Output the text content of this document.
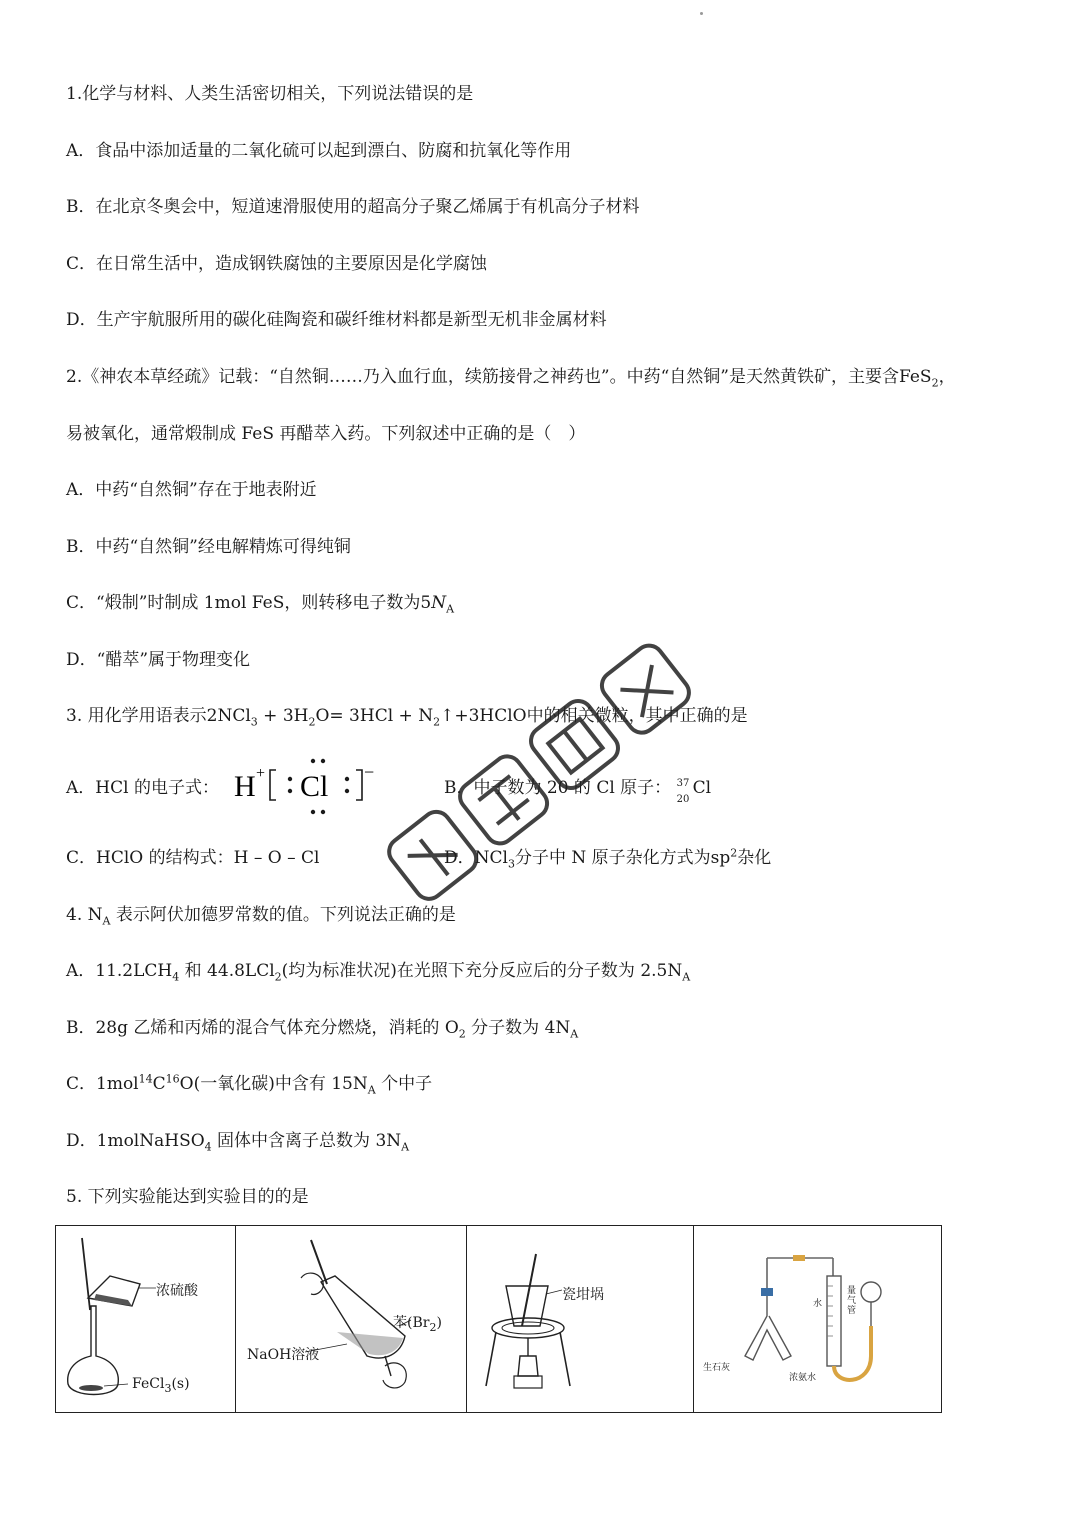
1.化学与材料、人类生活密切相关，下列说法错误的是
A．食品中添加适量的二氧化硫可以起到漂白、防腐和抗氧化等作用
B．在北京冬奥会中，短道速滑服使用的超高分子聚乙烯属于有机高分子材料
C．在日常生活中，造成钢铁腐蚀的主要原因是化学腐蚀
D．生产宇航服所用的碳化硅陶瓷和碳纤维材料都是新型无机非金属材料
2.《神农本草经疏》记载：“自然铜……乃入血行血，续筋接骨之神药也”。中药“自然铜”是天然黄铁矿，主要含FeS$_2$，
易被氧化，通常煅制成 FeS 再醋萃入药。下列叙述中正确的是（　）
A．中药“自然铜”存在于地表附近
B．中药“自然铜”经电解精炼可得纯铜
C．“煅制”时制成 1mol FeS，则转移电子数为$5N_A$
D．“醋萃”属于物理变化
3. 用化学用语表示$2NCl_3 + 3H_2O= 3HCl$ + $N_2↑+3HClO$中的相关微粒，其中正确的是
A．HCl 的电子式： H + Cl −
B．中子数为 20 的 Cl 原子： 37
20
Cl
C．HClO 的结构式：H – O – Cl	D．NCl$_3$分子中 N 原子杂化方式为$sp^2$杂化
4. $N_A$ 表示阿伏加德罗常数的值。下列说法正确的是
A．$11.2LCH_4$ 和 44.8LCl$_2$(均为标准状况)在光照下充分反应后的分子数为 $2.5N_A$
B．28g 乙烯和丙烯的混合气体充分燃烧，消耗的 $O_2$ 分子数为 $4N_A$
C．$1mol^{14}C^{16}O$(一氧化碳)中含有 $15N_A$ 个中子
D．1molNaHSO$_4$ 固体中含离子总数为 $3N_A$
5. 下列实验能达到实验目的的是
浓硫酸
FeCl$_3$(s)
苯$(Br_2)$
NaOH溶液
瓷坩埚
水
量
气
管
生石灰
浓氨水
